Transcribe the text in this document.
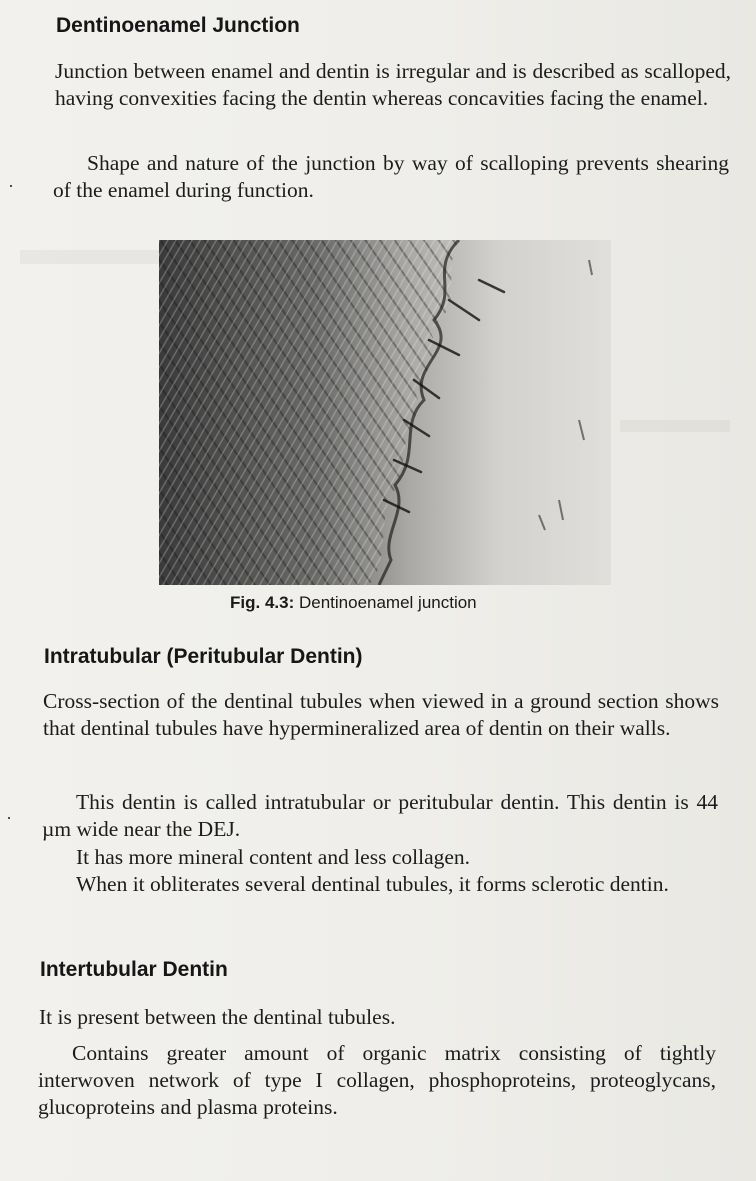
Dentinoenamel Junction

Junction between enamel and dentin is irregular and is described as scalloped, having convexities facing the dentin whereas concavities facing the enamel.

Shape and nature of the junction by way of scalloping prevents shearing of the enamel during function.

·
Fig. 4.3: Dentinoenamel junction
Intratubular (Peritubular Dentin)

Cross-section of the dentinal tubules when viewed in a ground section shows that dentinal tubules have hypermineralized area of dentin on their walls.

This dentin is called intratubular or peritubular dentin. This dentin is 44 µm wide near the DEJ.

·

It has more mineral content and less collagen.

When it obliterates several dentinal tubules, it forms sclerotic dentin.

Intertubular Dentin

It is present between the dentinal tubules.

Contains greater amount of organic matrix consisting of tightly interwoven network of type I collagen, phosphoproteins, proteoglycans, glucoproteins and plasma proteins.
